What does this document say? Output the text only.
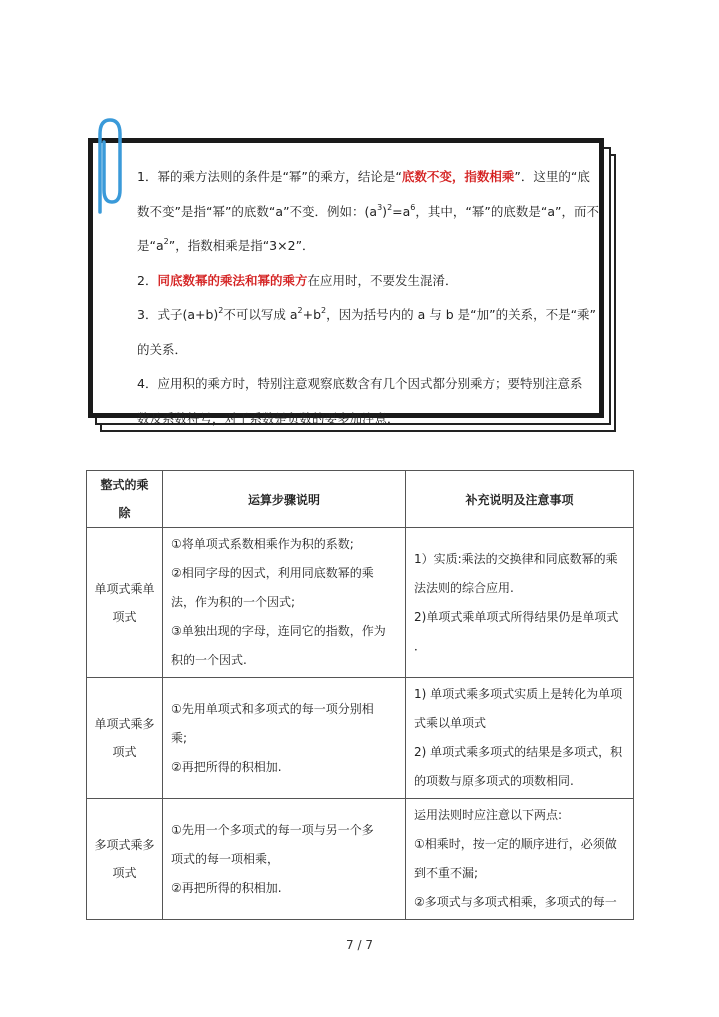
1．幂的乘方法则的条件是“幂”的乘方，结论是“底数不变，指数相乘”．这里的“底

数不变”是指“幂”的底数“a”不变．例如：$(a^3)^2=a^6$，其中，“幂”的底数是“a”，而不

是“$a^2$”，指数相乘是指“3×2”．

2．同底数幂的乘法和幂的乘方在应用时，不要发生混淆．

3．式子$(a+b)^2$不可以写成 $a^2+b^2$，因为括号内的 a 与 b 是“加”的关系，不是“乘”

的关系．

4．应用积的乘方时，特别注意观察底数含有几个因式都分别乘方；要特别注意系

数及系数符号，对于系数是负数的要多加注意．

整式的乘
除	运算步骤说明	补充说明及注意事项

单项式乘单
项式	①将单项式系数相乘作为积的系数;
②相同字母的因式，利用同底数幂的乘
法，作为积的一个因式;
③单独出现的字母，连同它的指数，作为
积的一个因式.	1）实质:乘法的交换律和同底数幂的乘
法法则的综合应用.
2)单项式乘单项式所得结果仍是单项式
．

单项式乘多
项式	①先用单项式和多项式的每一项分别相
乘;
②再把所得的积相加.	1) 单项式乘多项式实质上是转化为单项
式乘以单项式
2) 单项式乘多项式的结果是多项式，积
的项数与原多项式的项数相同.

多项式乘多
项式	①先用一个多项式的每一项与另一个多
项式的每一项相乘，
②再把所得的积相加.	运用法则时应注意以下两点:
①相乘时，按一定的顺序进行，必须做
到不重不漏;
②多项式与多项式相乘，多项式的每一
7 / 7
